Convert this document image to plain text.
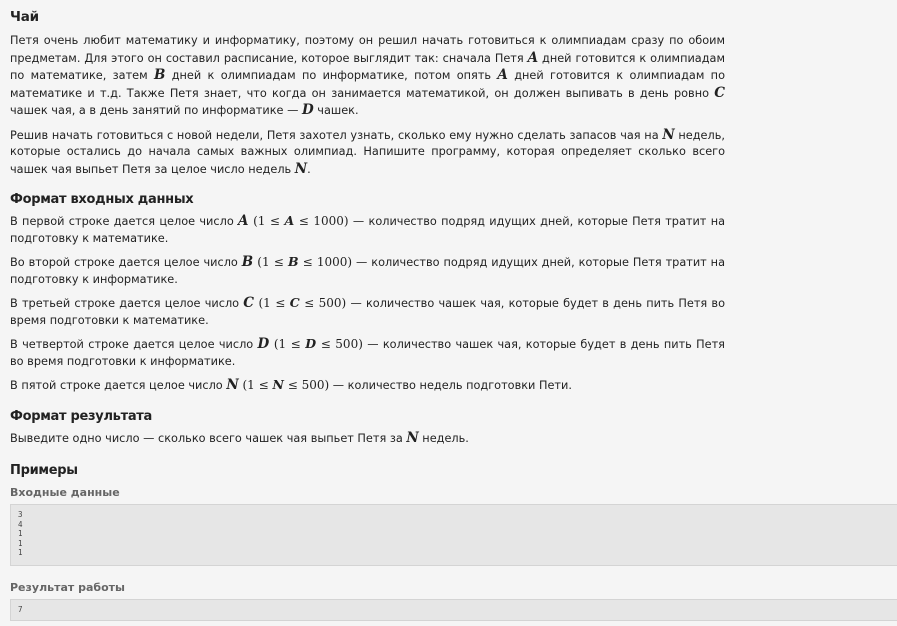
Чай

Петя очень любит математику и информатику, поэтому он решил начать готовиться к олимпиадам сразу по обоим предметам. Для этого он составил расписание, которое выглядит так: сначала Петя A дней готовится к олимпиадам по математике, затем B дней к олимпиадам по информатике, потом опять A дней готовится к олимпиадам по математике и т.д. Также Петя знает, что когда он занимается математикой, он должен выпивать в день ровно C чашек чая, а в день занятий по информатике — D чашек.

Решив начать готовиться с новой недели, Петя захотел узнать, сколько ему нужно сделать запасов чая на N недель, которые остались до начала самых важных олимпиад. Напишите программу, которая определяет сколько всего чашек чая выпьет Петя за целое число недель N.

Формат входных данных

В первой строке дается целое число A (1 ≤ A ≤ 1000) — количество подряд идущих дней, которые Петя тратит на подготовку к математике.

Во второй строке дается целое число B (1 ≤ B ≤ 1000) — количество подряд идущих дней, которые Петя тратит на подготовку к информатике.

В третьей строке дается целое число C (1 ≤ C ≤ 500) — количество чашек чая, которые будет в день пить Петя во время подготовки к математике.

В четвертой строке дается целое число D (1 ≤ D ≤ 500) — количество чашек чая, которые будет в день пить Петя во время подготовки к информатике.

В пятой строке дается целое число N (1 ≤ N ≤ 500) — количество недель подготовки Пети.

Формат результата

Выведите одно число — сколько всего чашек чая выпьет Петя за N недель.

Примеры
Входные данные
3
4
1
1
1
Результат работы
7
